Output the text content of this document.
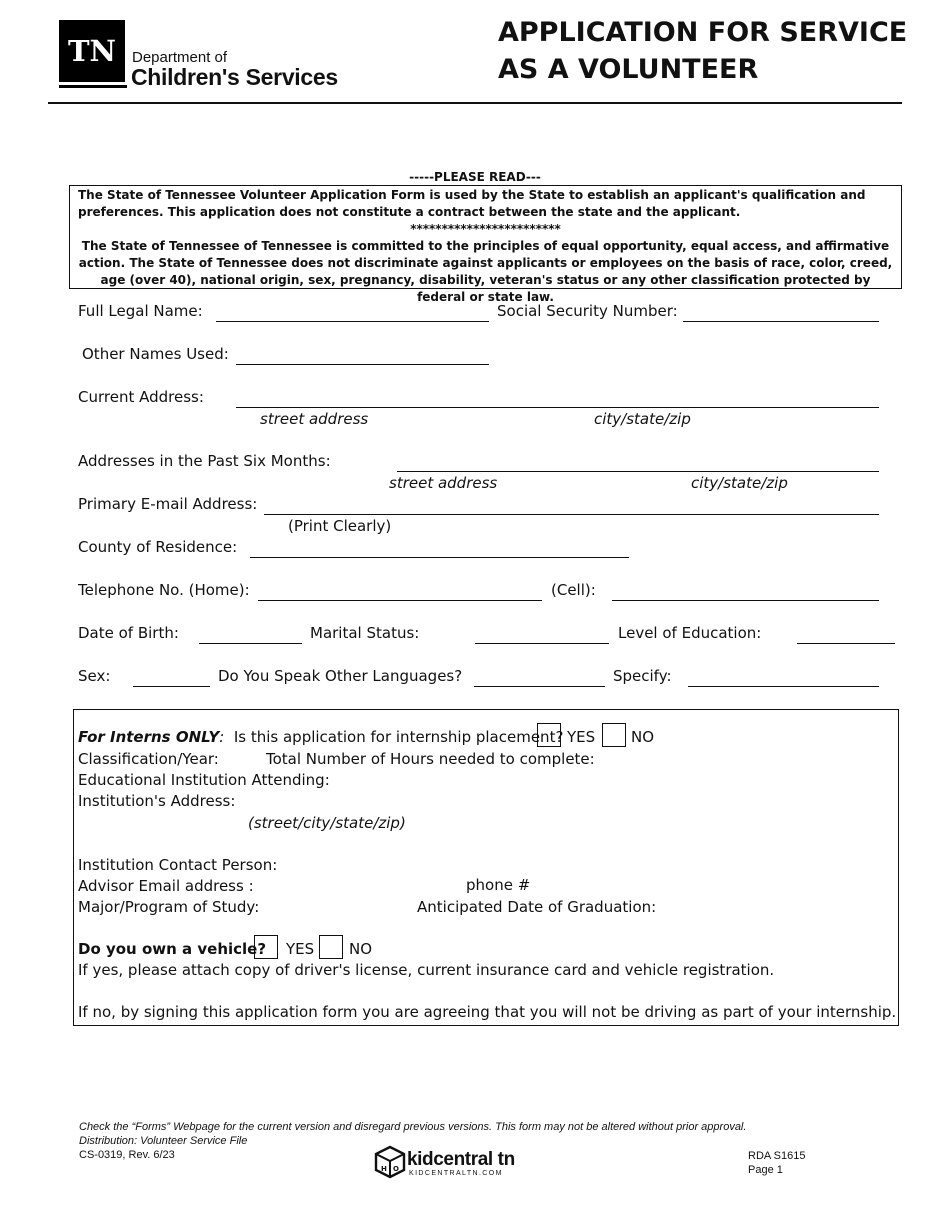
TN	Department of
Children's Services
APPLICATION FOR SERVICE
AS A VOLUNTEER
-----PLEASE READ---
The State of Tennessee Volunteer Application Form is used by the State to establish an applicant's qualification and preferences. This application does not constitute a contract between the state and the applicant.
************************
The State of Tennessee of Tennessee is committed to the principles of equal opportunity, equal access, and affirmative action. The State of Tennessee does not discriminate against applicants or employees on the basis of race, color, creed, age (over 40), national origin, sex, pregnancy, disability, veteran's status or any other classification protected by federal or state law.
Full Legal Name:	Social Security Number:
Other Names Used:
Current Address:
street address	city/state/zip
Addresses in the Past Six Months:
street address	city/state/zip
Primary E-mail Address:
(Print Clearly)
County of Residence:
Telephone No. (Home):	(Cell):
Date of Birth:	Marital Status:	Level of Education:
Sex:	Do You Speak Other Languages?	Specify:
For Interns ONLY: Is this application for internship placement? YES NO
Classification/Year:	Total Number of Hours needed to complete:
Educational Institution Attending:
Institution's Address:
(street/city/state/zip)
Institution Contact Person:
Advisor Email address :	phone #
Major/Program of Study:	Anticipated Date of Graduation:
Do you own a vehicle? YES NO
If yes, please attach copy of driver's license, current insurance card and vehicle registration.
If no, by signing this application form you are agreeing that you will not be driving as part of your internship.
Check the “Forms” Webpage for the current version and disregard previous versions. This form may not be altered without prior approval.
Distribution: Volunteer Service File
CS-0319, Rev. 6/23
H O kidcentral tn
KIDCENTRALTN.COM
RDA S1615
Page 1
